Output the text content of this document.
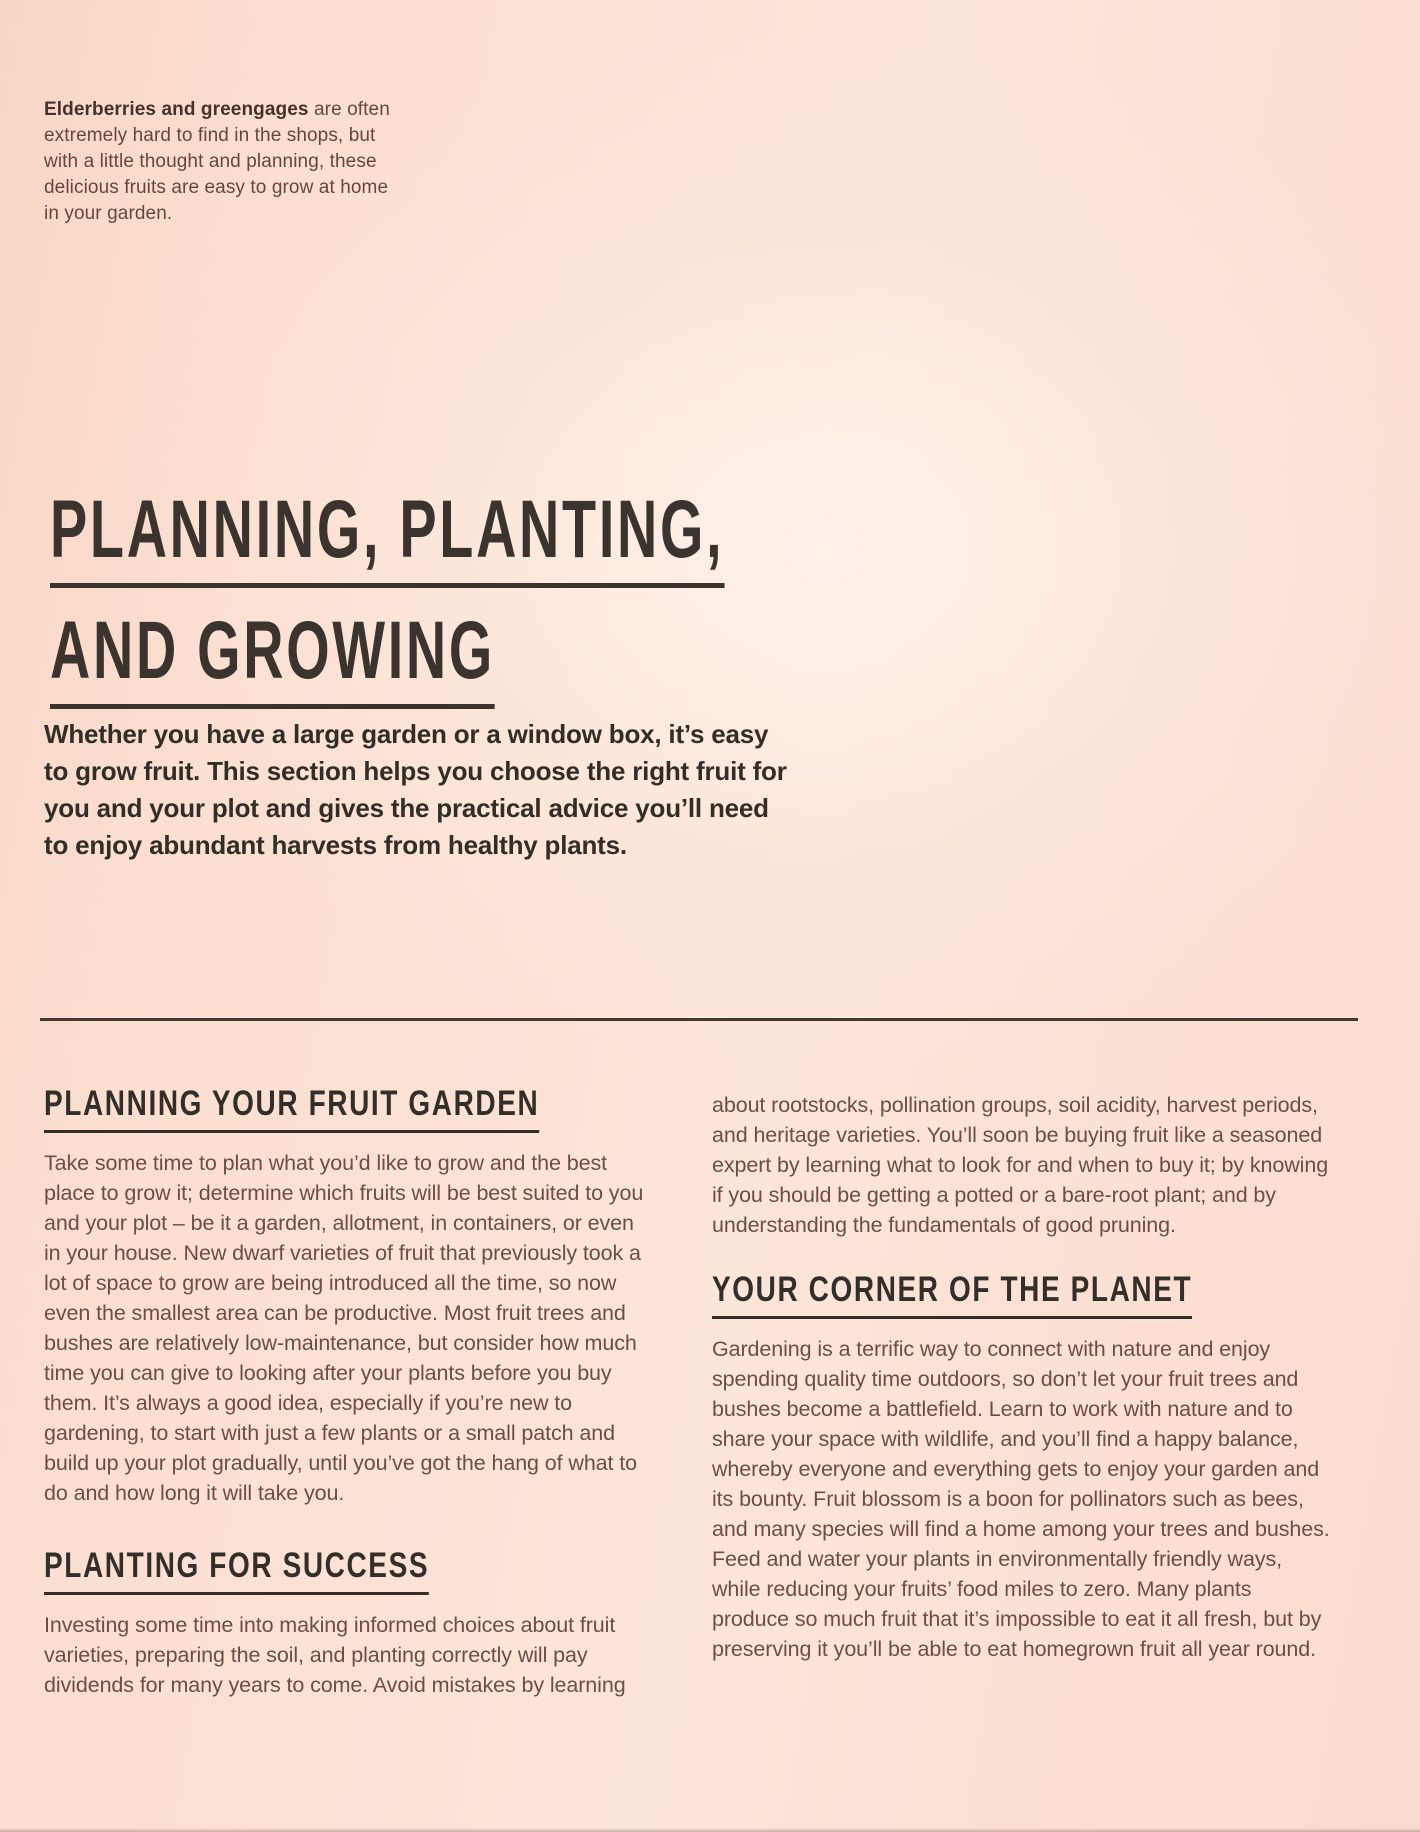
Elderberries and greengages are often extremely hard to find in the shops, but with a little thought and planning, these delicious fruits are easy to grow at home in your garden.

PLANNING, PLANTING,
AND GROWING

Whether you have a large garden or a window box, it’s easy to grow fruit. This section helps you choose the right fruit for you and your plot and gives the practical advice you’ll need to enjoy abundant harvests from healthy plants.

PLANNING YOUR FRUIT GARDEN

Take some time to plan what you’d like to grow and the best place to grow it; determine which fruits will be best suited to you and your plot – be it a garden, allotment, in containers, or even in your house. New dwarf varieties of fruit that previously took a lot of space to grow are being introduced all the time, so now even the smallest area can be productive. Most fruit trees and bushes are relatively low-maintenance, but consider how much time you can give to looking after your plants before you buy them. It’s always a good idea, especially if you’re new to gardening, to start with just a few plants or a small patch and build up your plot gradually, until you’ve got the hang of what to do and how long it will take you.

PLANTING FOR SUCCESS

Investing some time into making informed choices about fruit varieties, preparing the soil, and planting correctly will pay dividends for many years to come. Avoid mistakes by learning

about rootstocks, pollination groups, soil acidity, harvest periods, and heritage varieties. You’ll soon be buying fruit like a seasoned expert by learning what to look for and when to buy it; by knowing if you should be getting a potted or a bare-root plant; and by understanding the fundamentals of good pruning.

YOUR CORNER OF THE PLANET

Gardening is a terrific way to connect with nature and enjoy spending quality time outdoors, so don’t let your fruit trees and bushes become a battlefield. Learn to work with nature and to share your space with wildlife, and you’ll find a happy balance, whereby everyone and everything gets to enjoy your garden and its bounty. Fruit blossom is a boon for pollinators such as bees, and many species will find a home among your trees and bushes. Feed and water your plants in environmentally friendly ways, while reducing your fruits’ food miles to zero. Many plants produce so much fruit that it’s impossible to eat it all fresh, but by preserving it you’ll be able to eat homegrown fruit all year round.
